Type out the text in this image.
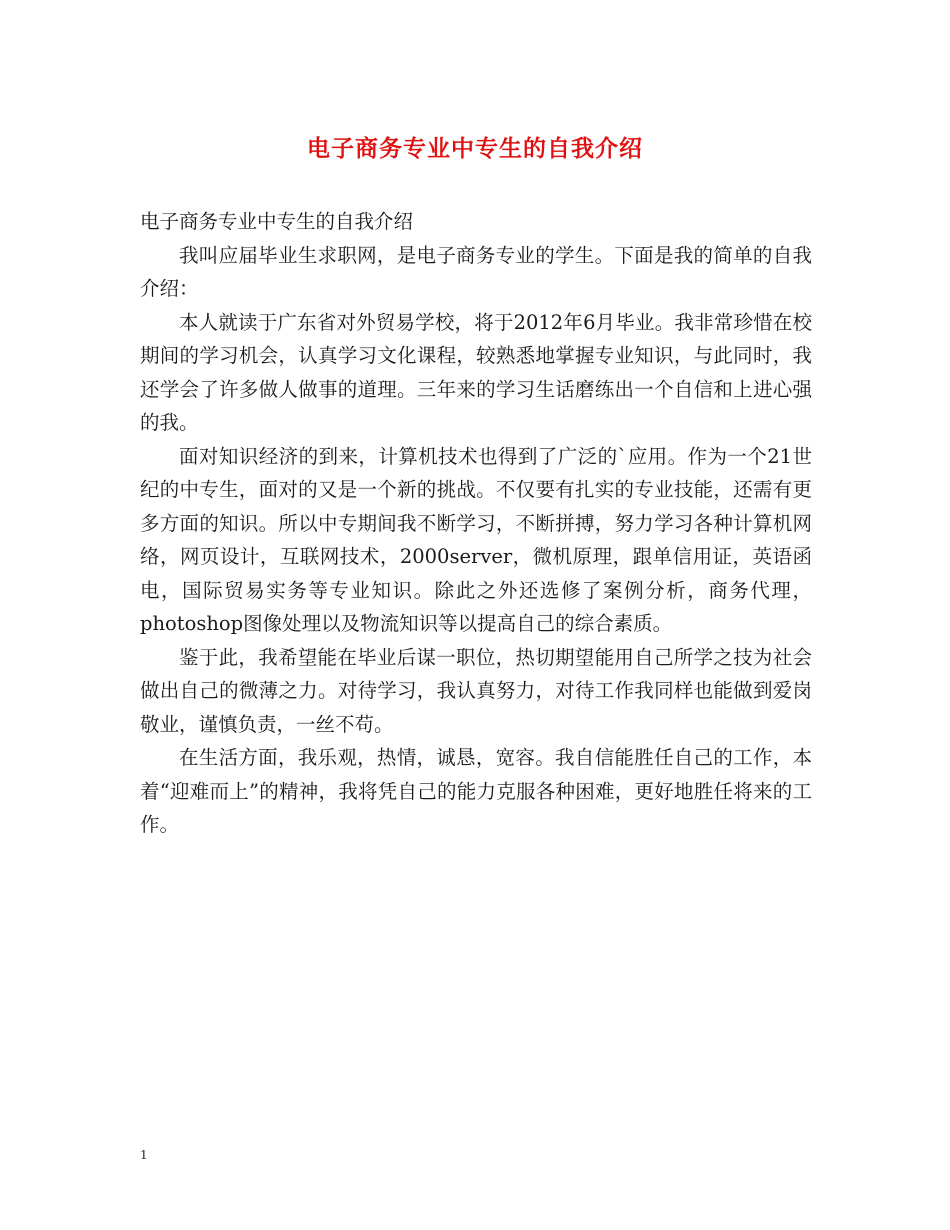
电子商务专业中专生的自我介绍

电子商务专业中专生的自我介绍

我叫应届毕业生求职网，是电子商务专业的学生。下面是我的简单的自我介绍：

本人就读于广东省对外贸易学校，将于2012年6月毕业。我非常珍惜在校期间的学习机会，认真学习文化课程，较熟悉地掌握专业知识，与此同时，我还学会了许多做人做事的道理。三年来的学习生话磨练出一个自信和上进心强的我。

面对知识经济的到来，计算机技术也得到了广泛的`应用。作为一个21世纪的中专生，面对的又是一个新的挑战。不仅要有扎实的专业技能，还需有更多方面的知识。所以中专期间我不断学习，不断拼搏，努力学习各种计算机网络，网页设计，互联网技术，2000server，微机原理，跟单信用证，英语函电，国际贸易实务等专业知识。除此之外还选修了案例分析，商务代理，photoshop图像处理以及物流知识等以提高自己的综合素质。

鉴于此，我希望能在毕业后谋一职位，热切期望能用自己所学之技为社会做出自己的微薄之力。对待学习，我认真努力，对待工作我同样也能做到爱岗敬业，谨慎负责，一丝不苟。

在生活方面，我乐观，热情，诚恳，宽容。我自信能胜任自己的工作，本着“迎难而上”的精神，我将凭自己的能力克服各种困难，更好地胜任将来的工作。

1
